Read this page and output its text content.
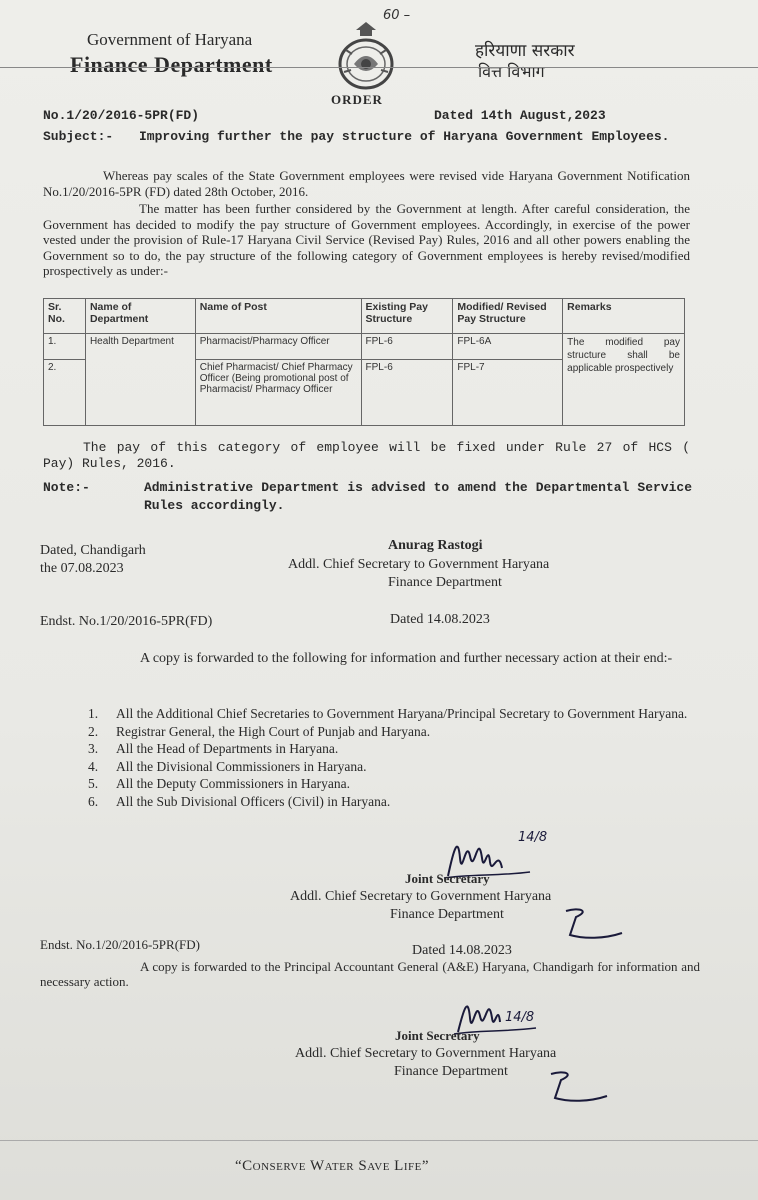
60 –
Government of Haryana
Finance Department
हरियाणा सरकार
वित्त विभाग
ORDER
No.1/20/2016-5PR(FD)	Dated 14th August,2023
Subject:- Improving further the pay structure of Haryana Government Employees.
Whereas pay scales of the State Government employees were revised vide Haryana Government Notification No.1/20/2016-5PR (FD) dated 28th October, 2016.
The matter has been further considered by the Government at length. After careful consideration, the Government has decided to modify the pay structure of Government employees. Accordingly, in exercise of the power vested under the provision of Rule-17 Haryana Civil Service (Revised Pay) Rules, 2016 and all other powers enabling the Government so to do, the pay structure of the following category of Government employees is hereby revised/modified prospectively as under:-
Sr. No.	Name of Department	Name of Post	Existing Pay Structure	Modified/ Revised Pay Structure	Remarks
1.	Health Department	Pharmacist/Pharmacy Officer	FPL-6	FPL-6A	The modified pay structure shall be applicable prospectively
2.		Chief Pharmacist/ Chief Pharmacy Officer (Being promotional post of Pharmacist/ Pharmacy Officer	FPL-6	FPL-7	
The pay of this category of employee will be fixed under Rule 27 of HCS ( Pay) Rules, 2016.
Note:-	Administrative Department is advised to amend the Departmental Service Rules accordingly.
Dated, Chandigarh
the 07.08.2023
Anurag Rastogi
Addl. Chief Secretary to Government Haryana
Finance Department
Endst. No.1/20/2016-5PR(FD)	Dated 14.08.2023
A copy is forwarded to the following for information and further necessary action at their end:-
1. All the Additional Chief Secretaries to Government Haryana/Principal Secretary to Government Haryana.
2. Registrar General, the High Court of Punjab and Haryana.
3. All the Head of Departments in Haryana.
4. All the Divisional Commissioners in Haryana.
5. All the Deputy Commissioners in Haryana.
6. All the Sub Divisional Officers (Civil) in Haryana.
14/8
Joint Secretary
Addl. Chief Secretary to Government Haryana
Finance Department
Endst. No.1/20/2016-5PR(FD)	Dated 14.08.2023
A copy is forwarded to the Principal Accountant General (A&E) Haryana, Chandigarh for information and necessary action.
14/8
Joint Secretary
Addl. Chief Secretary to Government Haryana
Finance Department
“Conserve Water Save Life”
